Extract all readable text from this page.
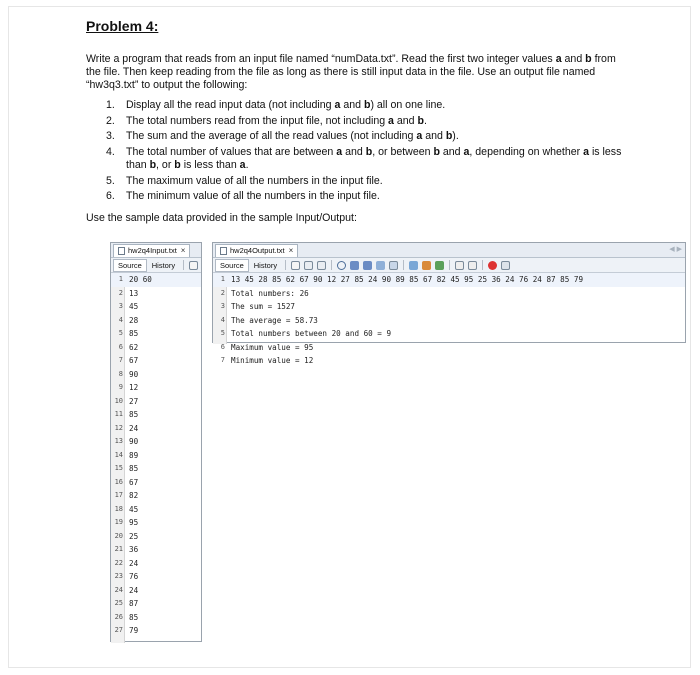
Problem 4:
Write a program that reads from an input file named “numData.txt”. Read the first two integer values a and b from the file. Then keep reading from the file as long as there is still input data in the file. Use an output file named “hw3q3.txt” to output the following:
1. Display all the read input data (not including a and b) all on one line.
2. The total numbers read from the input file, not including a and b.
3. The sum and the average of all the read values (not including a and b).
4. The total number of values that are between a and b, or between b and a, depending on whether a is less than b, or b is less than a.
5. The maximum value of all the numbers in the input file.
6. The minimum value of all the numbers in the input file.
Use the sample data provided in the sample Input/Output:
hw2q4Input.txt ×
Source	History
1 20 60
2 13
3 45
4 28
5 85
6 62
7 67
8 90
9 12
10 27
11 85
12 24
13 90
14 89
15 85
16 67
17 82
18 45
19 95
20 25
21 36
22 24
23 76
24 24
25 87
26 85
27 79
hw2q4Output.txt ×	◀ ▶
Source	History
1 13 45 28 85 62 67 90 12 27 85 24 90 89 85 67 82 45 95 25 36 24 76 24 87 85 79
2 Total numbers: 26
3 The sum = 1527
4 The average = 58.73
5 Total numbers between 20 and 60 = 9
6 Maximum value = 95
7 Minimum value = 12
